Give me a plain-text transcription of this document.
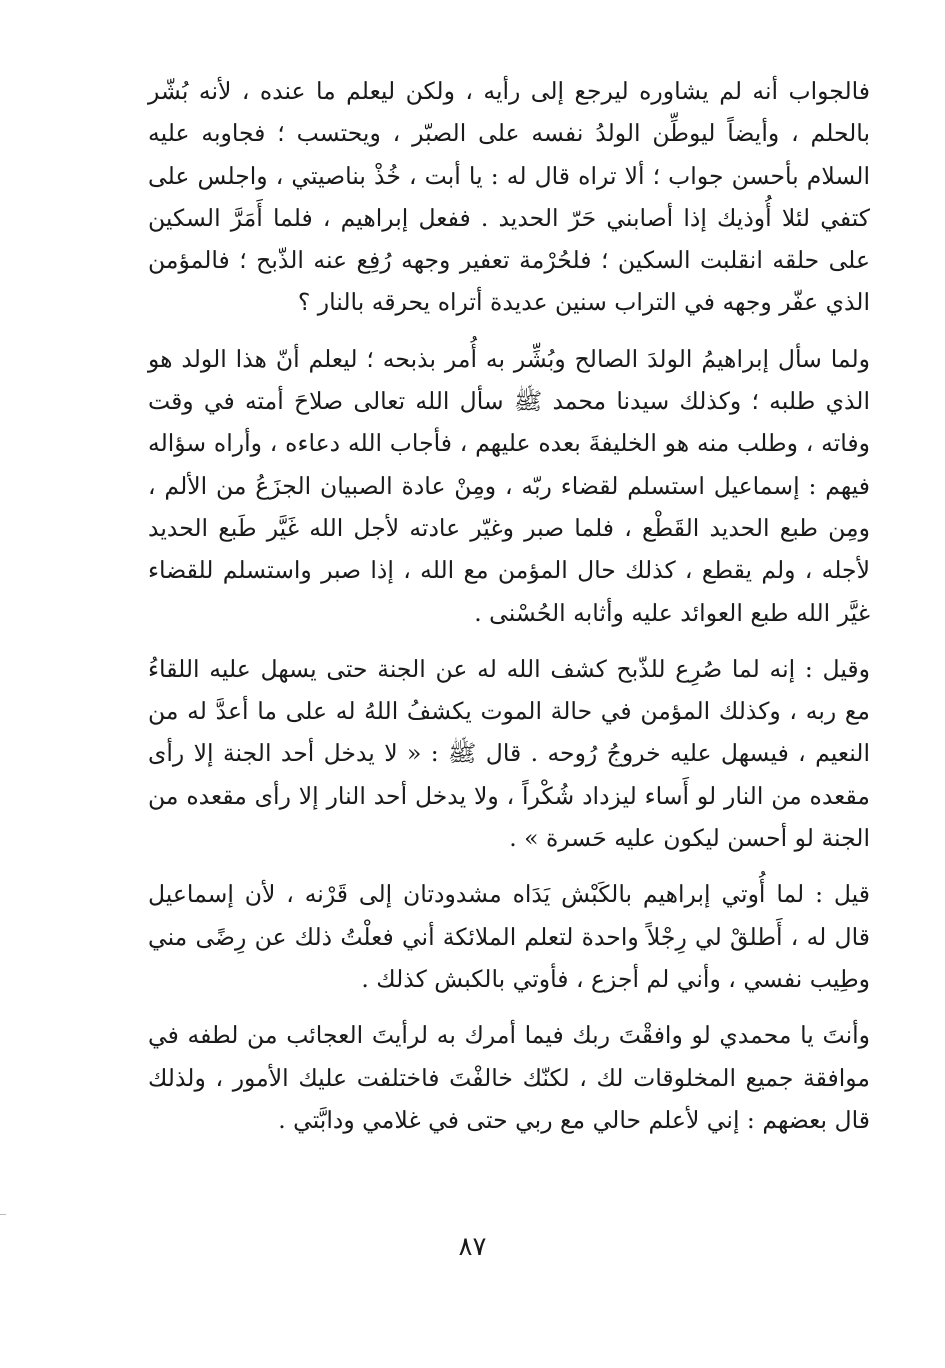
فالجواب أنه لم يشاوره ليرجع إلى رأيه ، ولكن ليعلم ما عنده ، لأنه بُشّر بالحلم ، وأيضاً ليوطِّن الولدُ نفسه على الصبّر ، ويحتسب ؛ فجاوبه عليه السلام بأحسن جواب ؛ ألا تراه قال له : يا أبت ، خُذْ بناصيتي ، واجلس على كتفي لئلا أُوذيك إذا أصابني حَرّ الحديد . ففعل إبراهيم ، فلما أَمَرَّ السكين على حلقه انقلبت السكين ؛ فلحُرْمة تعفير وجهه رُفِع عنه الذّبح ؛ فالمؤمن الذي عفّر وجهه في التراب سنين عديدة أتراه يحرقه بالنار ؟

ولما سأل إبراهيمُ الولدَ الصالح وبُشِّر به أُمر بذبحه ؛ ليعلم أنّ هذا الولد هو الذي طلبه ؛ وكذلك سيدنا محمد ﷺ سأل الله تعالى صلاحَ أمته في وقت وفاته ، وطلب منه هو الخليفةَ بعده عليهم ، فأجاب الله دعاءه ، وأراه سؤاله فيهم : إسماعيل استسلم لقضاء ربّه ، ومِنْ عادة الصبيان الجزَعُ من الألم ، ومِن طبع الحديد القَطْع ، فلما صبر وغيّر عادته لأجل الله غَيَّر طَبع الحديد لأجله ، ولم يقطع ، كذلك حال المؤمن مع الله ، إذا صبر واستسلم للقضاء غيَّر الله طبع العوائد عليه وأثابه الحُسْنى .

وقيل : إنه لما صُرِع للذّبح كشف الله له عن الجنة حتى يسهل عليه اللقاءُ مع ربه ، وكذلك المؤمن في حالة الموت يكشفُ اللهُ له على ما أعدَّ له من النعيم ، فيسهل عليه خروجُ رُوحه . قال ﷺ : « لا يدخل أحد الجنة إلا رأى مقعده من النار لو أَساء ليزداد شُكْراً ، ولا يدخل أحد النار إلا رأى مقعده من الجنة لو أحسن ليكون عليه حَسرة » .

قيل : لما أُوتي إبراهيم بالكَبْش يَدَاه مشدودتان إلى قَرْنه ، لأن إسماعيل قال له ، أَطلقْ لي رِجْلاً واحدة لتعلم الملائكة أني فعلْتُ ذلك عن رِضًى مني وطِيب نفسي ، وأني لم أجزع ، فأوتي بالكبش كذلك .

وأنتَ يا محمدي لو وافقْتَ ربك فيما أمرك به لرأيتَ العجائب من لطفه في موافقة جميع المخلوقات لك ، لكنّك خالفْتَ فاختلفت عليك الأمور ، ولذلك قال بعضهم : إني لأعلم حالي مع ربي حتى في غلامي ودابَّتي .

٨٧
